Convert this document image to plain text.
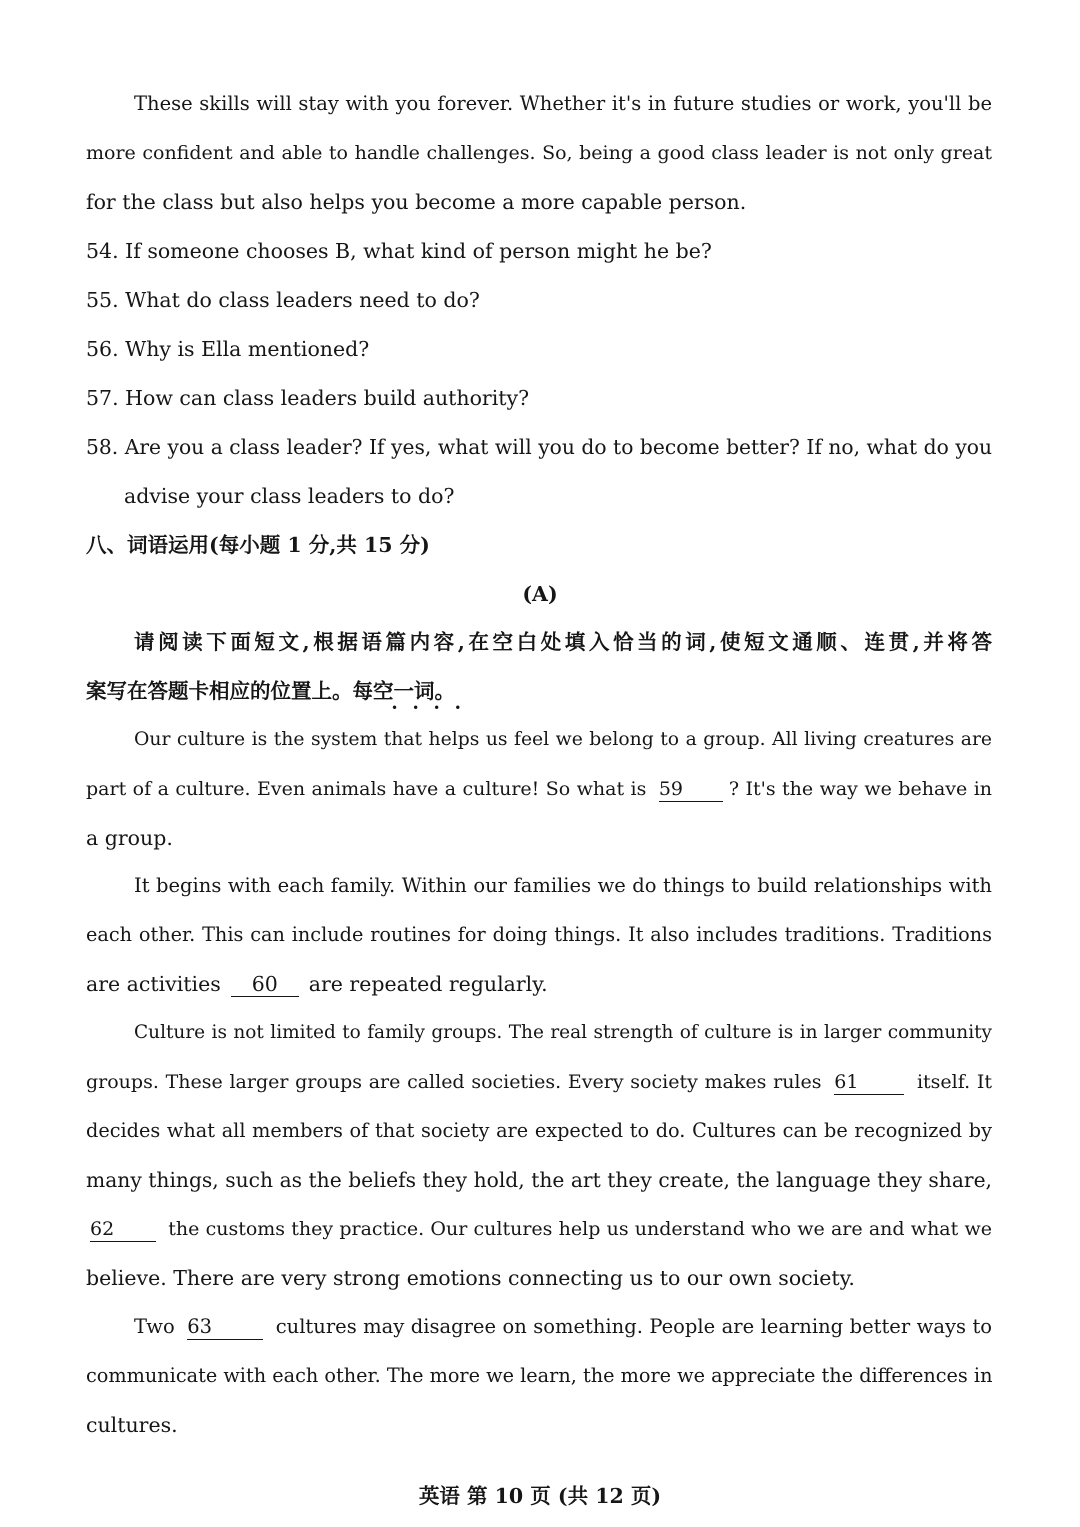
These skills will stay with you forever. Whether it's in future studies or work, you'll be
more confident and able to handle challenges. So, being a good class leader is not only great
for the class but also helps you become a more capable person.
54. If someone chooses B, what kind of person might he be?
55. What do class leaders need to do?
56. Why is Ella mentioned?
57. How can class leaders build authority?
58. Are you a class leader? If yes, what will you do to become better? If no, what do you
advise your class leaders to do?
八、词语运用(每小题 1 分,共 15 分)
(A)
请阅读下面短文,根据语篇内容,在空白处填入恰当的词,使短文通顺、连贯,并将答
案写在答题卡相应的位置上。每空一词。
••••
Our culture is the system that helps us feel we belong to a group. All living creatures are
part of a culture. Even animals have a culture! So what is 59 ? It's the way we behave in
a group.
It begins with each family. Within our families we do things to build relationships with
each other. This can include routines for doing things. It also includes traditions. Traditions
are activities 60 are repeated regularly.
Culture is not limited to family groups. The real strength of culture is in larger community
groups. These larger groups are called societies. Every society makes rules 61	itself. It
decides what all members of that society are expected to do. Cultures can be recognized by
many things, such as the beliefs they hold, the art they create, the language they share,
62	the customs they practice. Our cultures help us understand who we are and what we
believe. There are very strong emotions connecting us to our own society.
Two 63	cultures may disagree on something. People are learning better ways to
communicate with each other. The more we learn, the more we appreciate the differences in
cultures.
英语 第 10 页 (共 12 页)
